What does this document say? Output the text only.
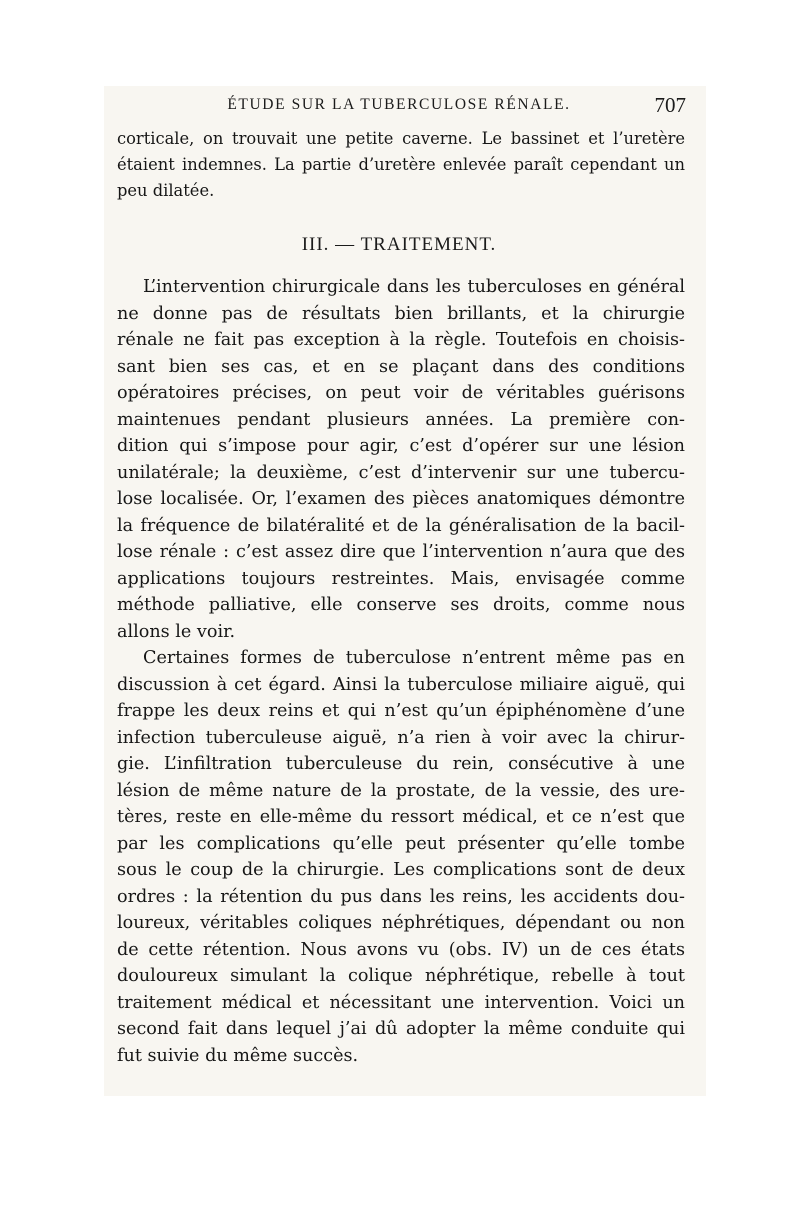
ÉTUDE SUR LA TUBERCULOSE RÉNALE.	707
corticale, on trouvait une petite caverne. Le bassinet et l’uretère
étaient indemnes. La partie d’uretère enlevée paraît cependant un
peu dilatée.
III. — TRAITEMENT.
L’intervention chirurgicale dans les tuberculoses en général
ne donne pas de résultats bien brillants, et la chirurgie
rénale ne fait pas exception à la règle. Toutefois en choisis-
sant bien ses cas, et en se plaçant dans des conditions
opératoires précises, on peut voir de véritables guérisons
maintenues pendant plusieurs années. La première con-
dition qui s’impose pour agir, c’est d’opérer sur une lésion
unilatérale; la deuxième, c’est d’intervenir sur une tubercu-
lose localisée. Or, l’examen des pièces anatomiques démontre
la fréquence de bilatéralité et de la généralisation de la bacil-
lose rénale : c’est assez dire que l’intervention n’aura que des
applications toujours restreintes. Mais, envisagée comme
méthode palliative, elle conserve ses droits, comme nous
allons le voir.
Certaines formes de tuberculose n’entrent même pas en
discussion à cet égard. Ainsi la tuberculose miliaire aiguë, qui
frappe les deux reins et qui n’est qu’un épiphénomène d’une
infection tuberculeuse aiguë, n’a rien à voir avec la chirur-
gie. L’infiltration tuberculeuse du rein, consécutive à une
lésion de même nature de la prostate, de la vessie, des ure-
tères, reste en elle-même du ressort médical, et ce n’est que
par les complications qu’elle peut présenter qu’elle tombe
sous le coup de la chirurgie. Les complications sont de deux
ordres : la rétention du pus dans les reins, les accidents dou-
loureux, véritables coliques néphrétiques, dépendant ou non
de cette rétention. Nous avons vu (obs. IV) un de ces états
douloureux simulant la colique néphrétique, rebelle à tout
traitement médical et nécessitant une intervention. Voici un
second fait dans lequel j’ai dû adopter la même conduite qui
fut suivie du même succès.
